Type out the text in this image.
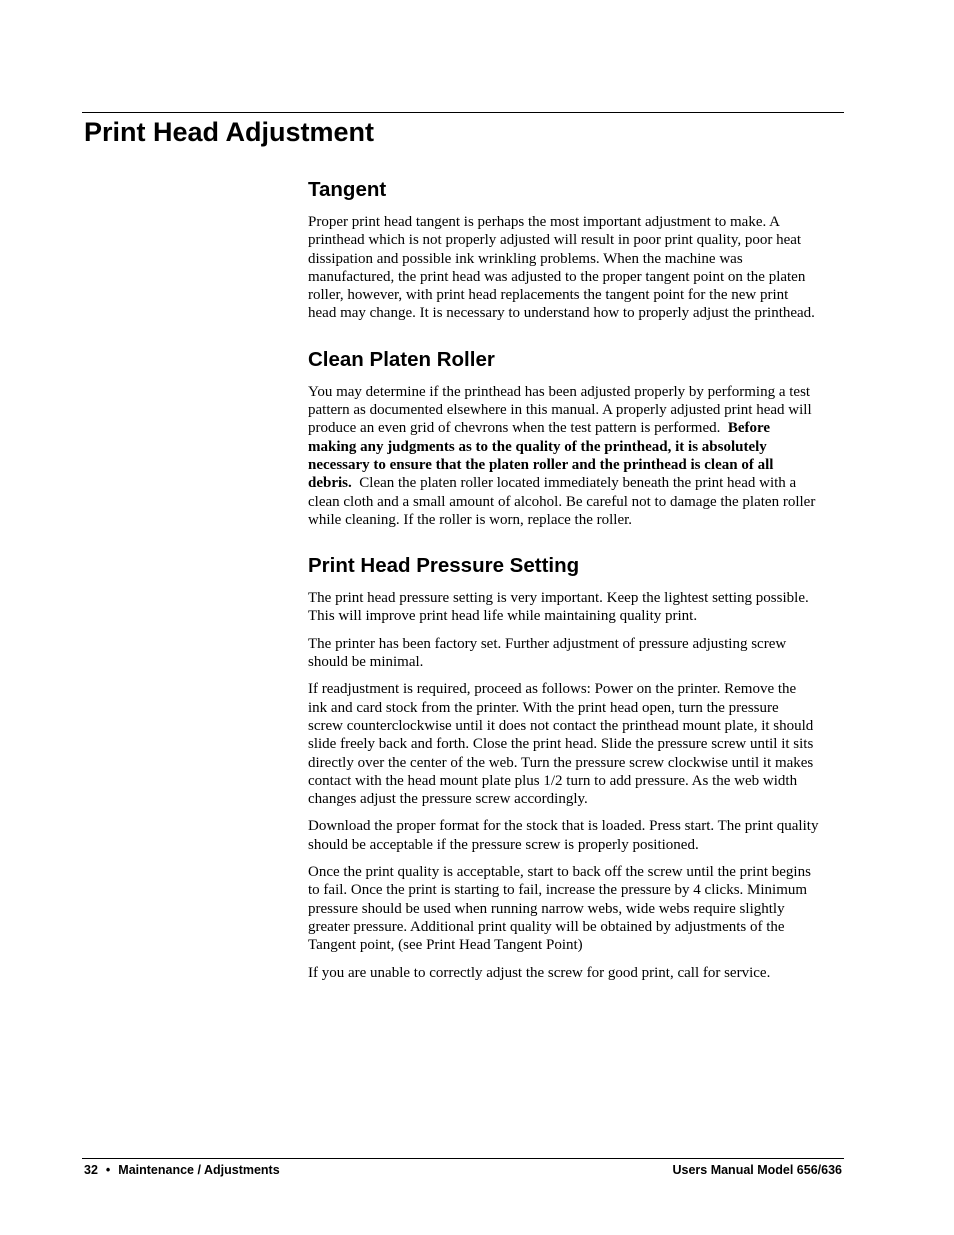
Print Head Adjustment
Tangent

Proper print head tangent is perhaps the most important adjustment to make. A
printhead which is not properly adjusted will result in poor print quality, poor heat
dissipation and possible ink wrinkling problems. When the machine was
manufactured, the print head was adjusted to the proper tangent point on the platen
roller, however, with print head replacements the tangent point for the new print
head may change. It is necessary to understand how to properly adjust the printhead.

Clean Platen Roller

You may determine if the printhead has been adjusted properly by performing a test
pattern as documented elsewhere in this manual. A properly adjusted print head will
produce an even grid of chevrons when the test pattern is performed. Before
making any judgments as to the quality of the printhead, it is absolutely
necessary to ensure that the platen roller and the printhead is clean of all
debris. Clean the platen roller located immediately beneath the print head with a
clean cloth and a small amount of alcohol. Be careful not to damage the platen roller
while cleaning. If the roller is worn, replace the roller.

Print Head Pressure Setting

The print head pressure setting is very important. Keep the lightest setting possible.
This will improve print head life while maintaining quality print.

The printer has been factory set. Further adjustment of pressure adjusting screw
should be minimal.

If readjustment is required, proceed as follows: Power on the printer. Remove the
ink and card stock from the printer. With the print head open, turn the pressure
screw counterclockwise until it does not contact the printhead mount plate, it should
slide freely back and forth. Close the print head. Slide the pressure screw until it sits
directly over the center of the web. Turn the pressure screw clockwise until it makes
contact with the head mount plate plus 1/2 turn to add pressure. As the web width
changes adjust the pressure screw accordingly.

Download the proper format for the stock that is loaded. Press start. The print quality
should be acceptable if the pressure screw is properly positioned.

Once the print quality is acceptable, start to back off the screw until the print begins
to fail. Once the print is starting to fail, increase the pressure by 4 clicks. Minimum
pressure should be used when running narrow webs, wide webs require slightly
greater pressure. Additional print quality will be obtained by adjustments of the
Tangent point, (see Print Head Tangent Point)

If you are unable to correctly adjust the screw for good print, call for service.

32 • Maintenance / Adjustments	Users Manual Model 656/636
